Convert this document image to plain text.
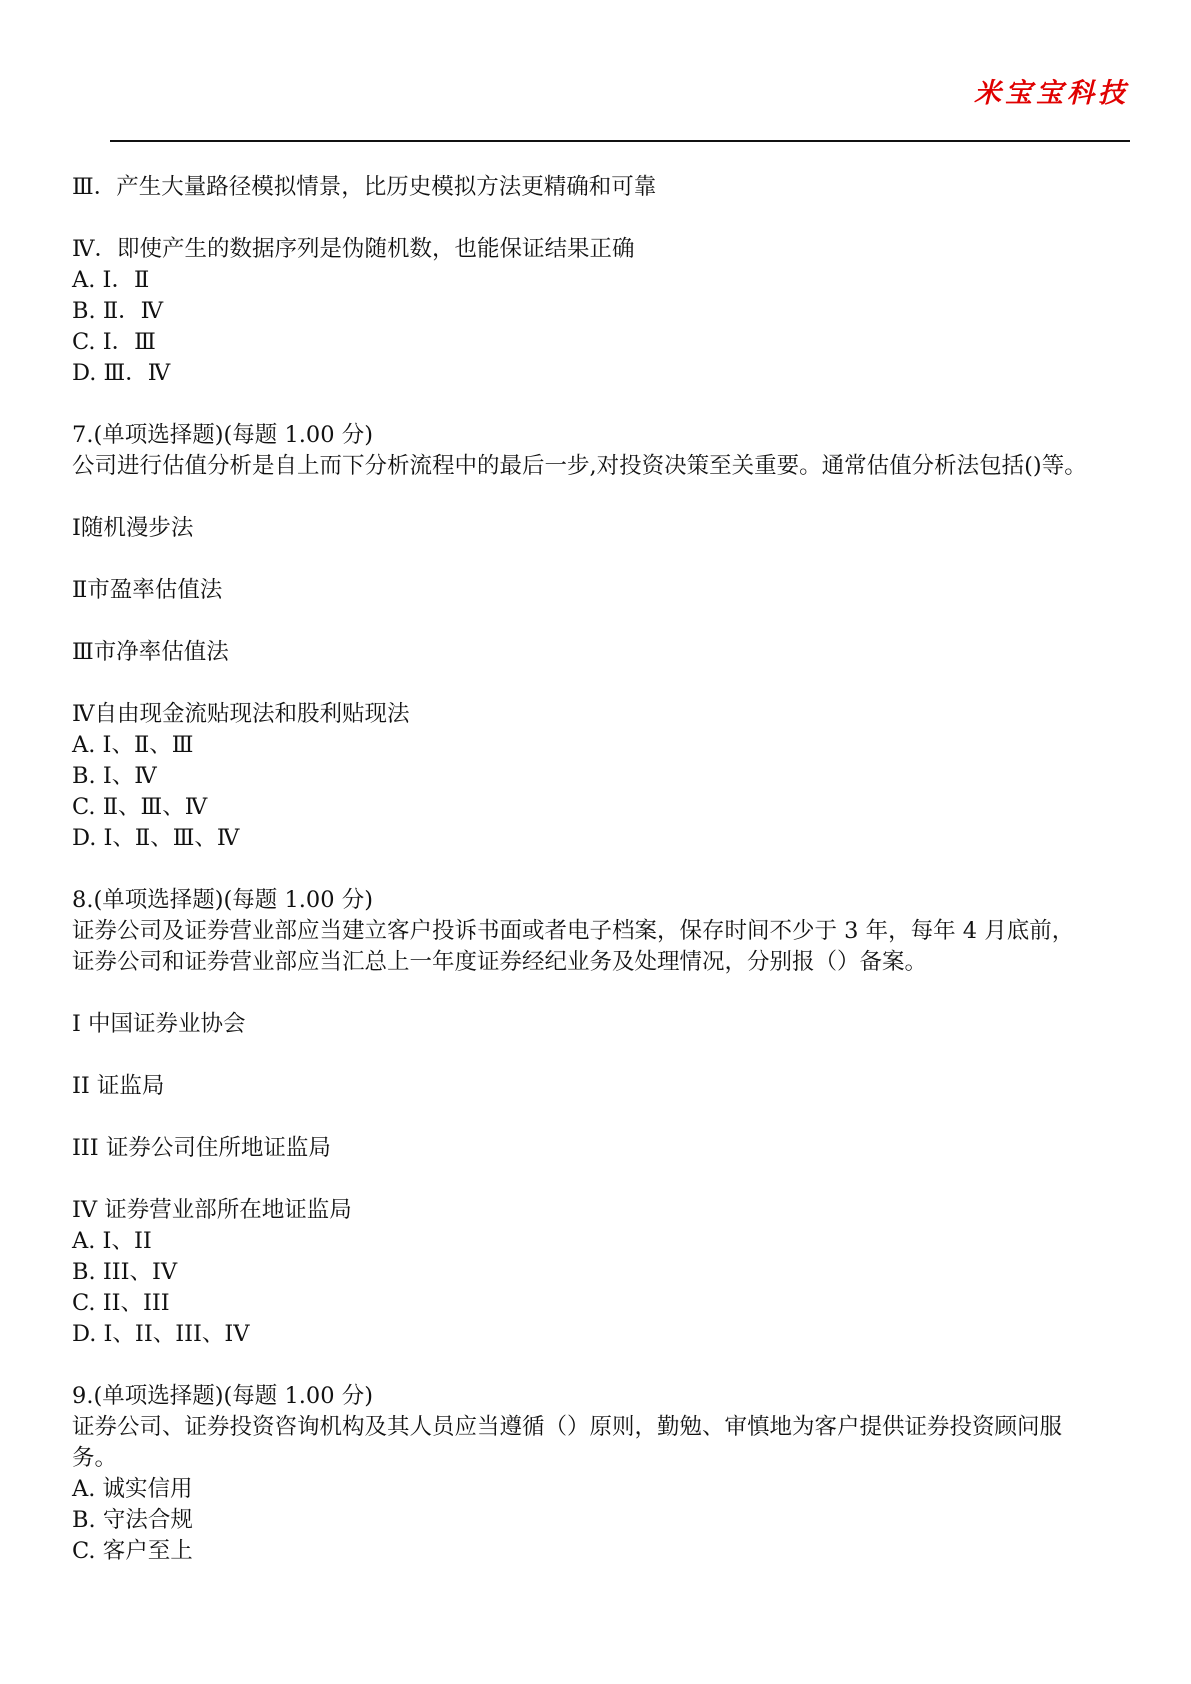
米宝宝科技
Ⅲ．产生大量路径模拟情景，比历史模拟方法更精确和可靠
Ⅳ．即使产生的数据序列是伪随机数，也能保证结果正确
A. Ⅰ．Ⅱ
B. Ⅱ．Ⅳ
C. Ⅰ．Ⅲ
D. Ⅲ．Ⅳ
7.(单项选择题)(每题 1.00 分)
公司进行估值分析是自上而下分析流程中的最后一步,对投资决策至关重要。通常估值分析法包括()等。
Ⅰ随机漫步法
Ⅱ市盈率估值法
Ⅲ市净率估值法
Ⅳ自由现金流贴现法和股利贴现法
A. Ⅰ、Ⅱ、Ⅲ
B. Ⅰ、Ⅳ
C. Ⅱ、Ⅲ、Ⅳ
D. Ⅰ、Ⅱ、Ⅲ、Ⅳ
8.(单项选择题)(每题 1.00 分)
证券公司及证券营业部应当建立客户投诉书面或者电子档案，保存时间不少于 3 年，每年 4 月底前，
证券公司和证券营业部应当汇总上一年度证券经纪业务及处理情况，分别报（）备案。
I 中国证券业协会
II 证监局
III 证券公司住所地证监局
IV 证券营业部所在地证监局
A. I、II
B. III、IV
C. II、III
D. I、II、III、IV
9.(单项选择题)(每题 1.00 分)
证券公司、证券投资咨询机构及其人员应当遵循（）原则，勤勉、审慎地为客户提供证券投资顾问服
务。
A. 诚实信用
B. 守法合规
C. 客户至上
